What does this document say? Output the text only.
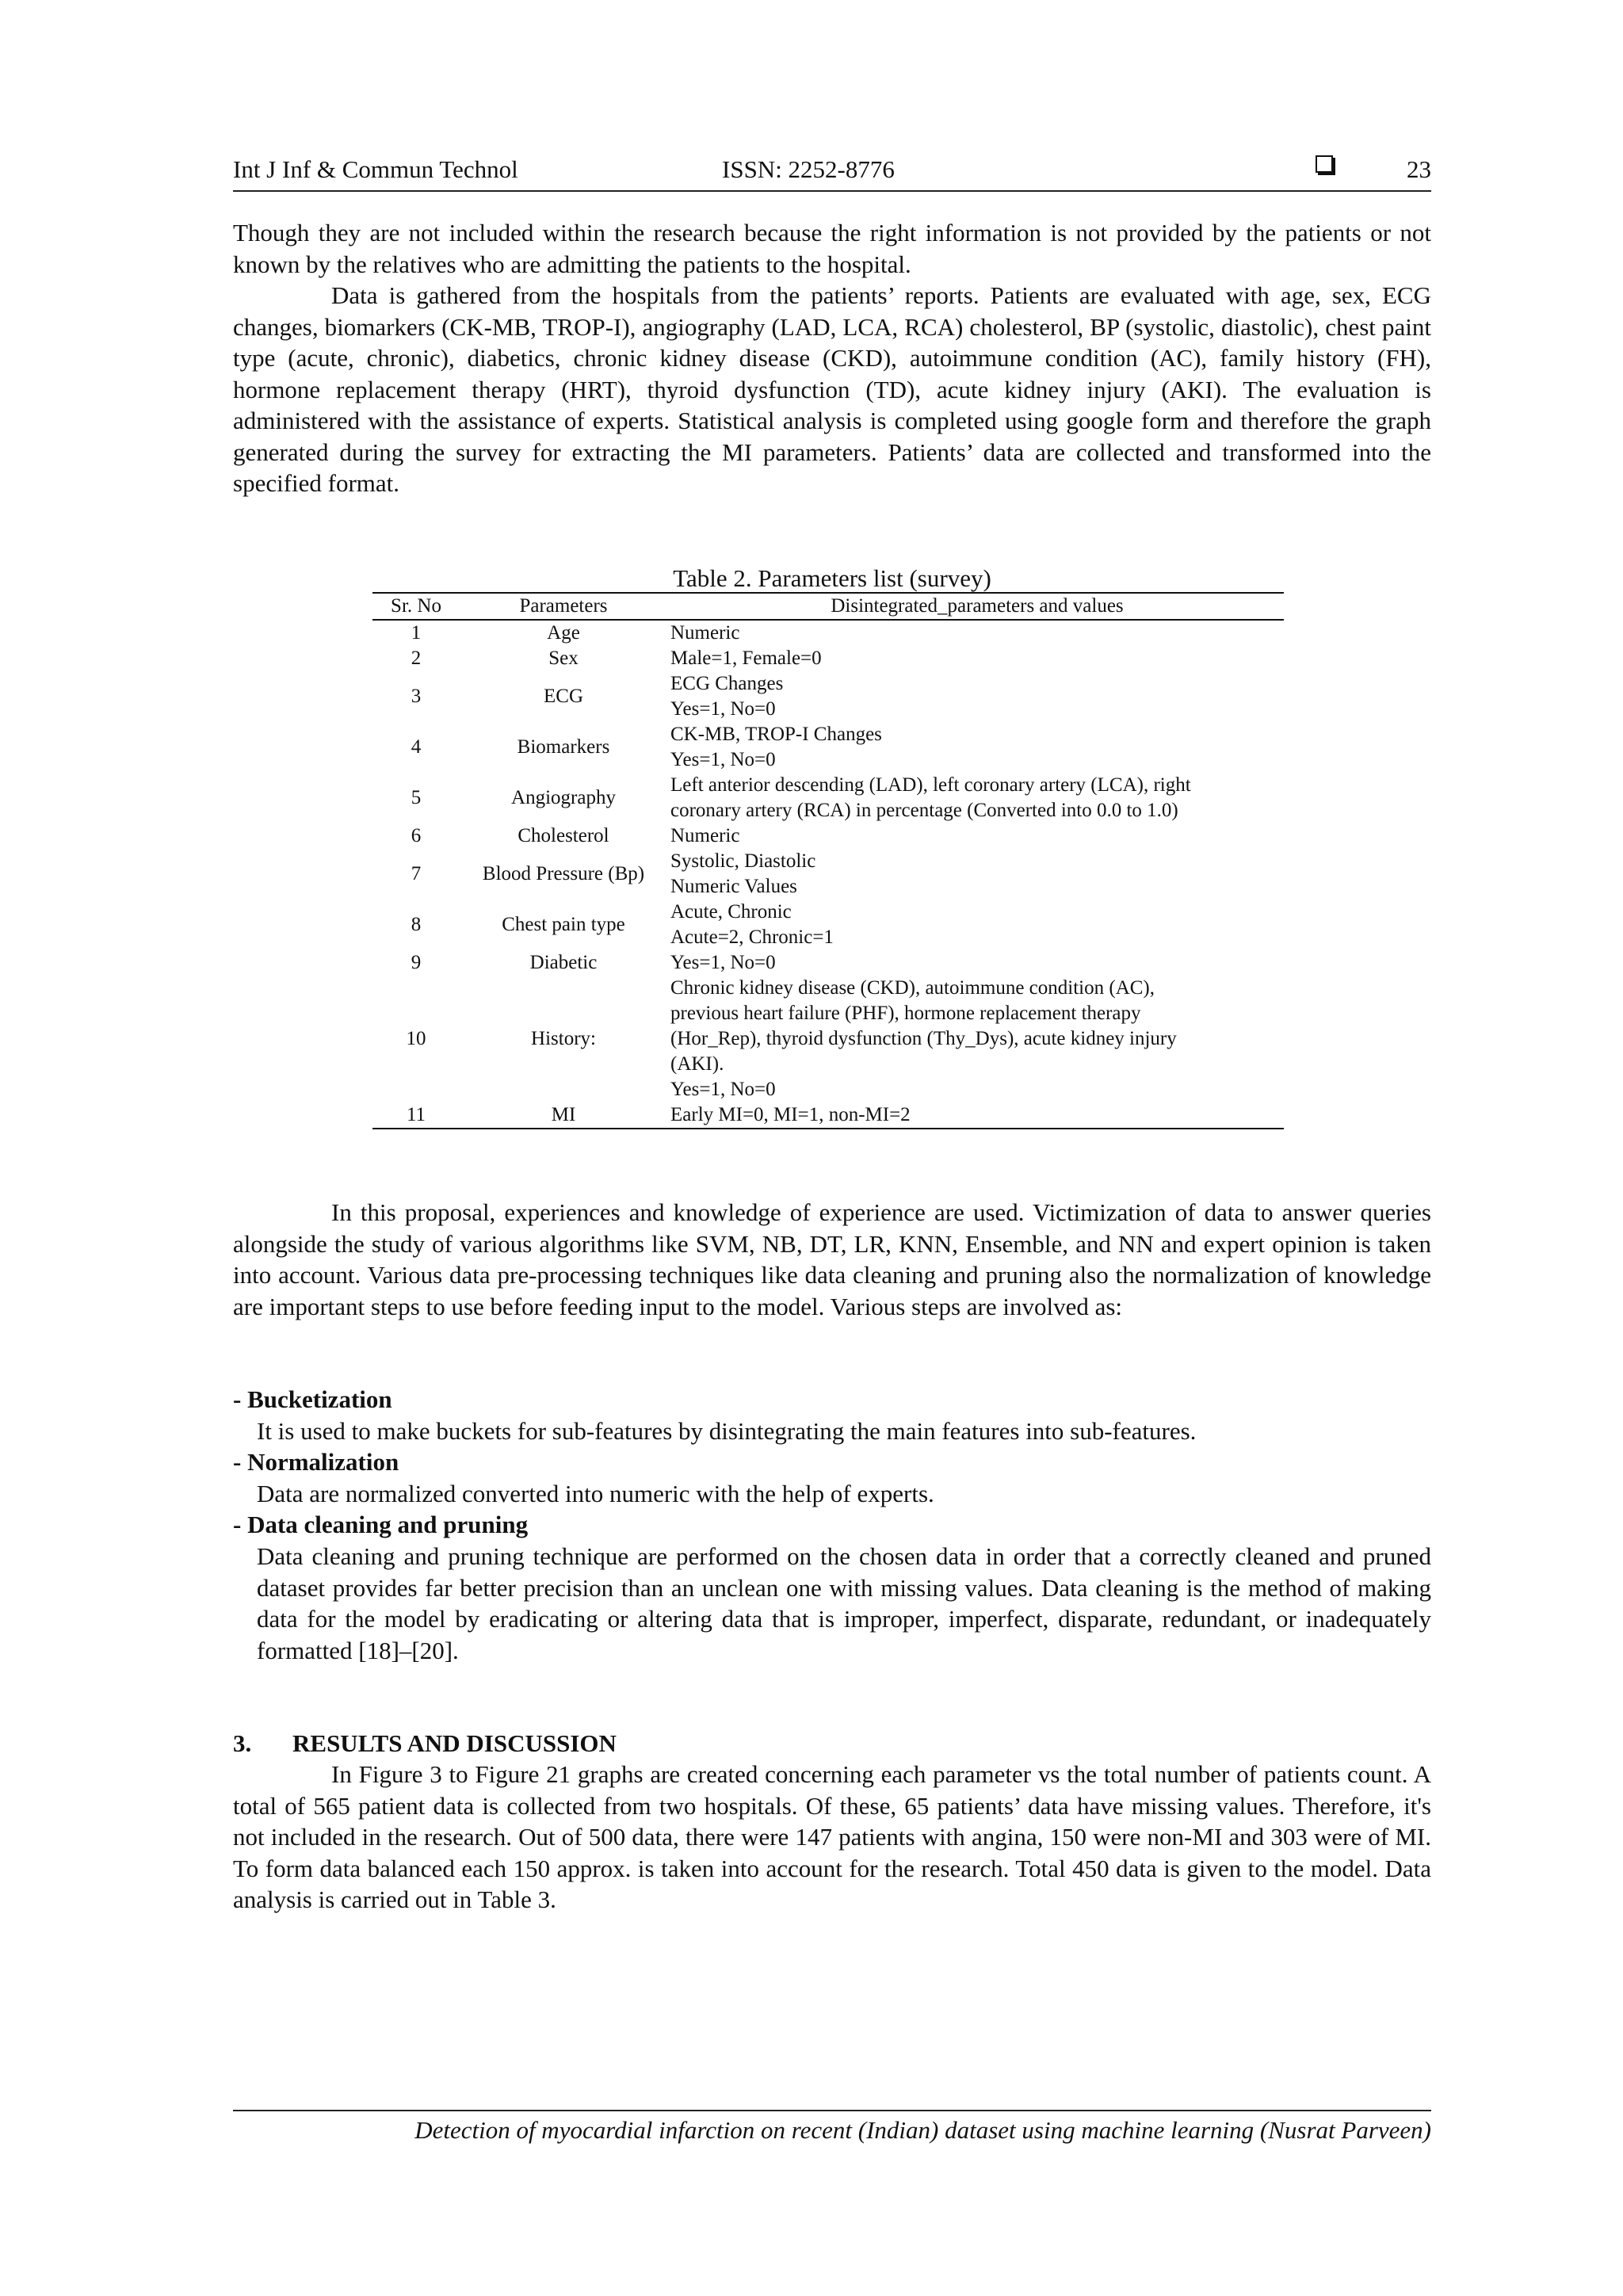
Int J Inf & Commun Technol	ISSN: 2252-8776	23

Though they are not included within the research because the right information is not provided by the patients or not known by the relatives who are admitting the patients to the hospital.

Data is gathered from the hospitals from the patients’ reports. Patients are evaluated with age, sex, ECG changes, biomarkers (CK-MB, TROP-I), angiography (LAD, LCA, RCA) cholesterol, BP (systolic, diastolic), chest paint type (acute, chronic), diabetics, chronic kidney disease (CKD), autoimmune condition (AC), family history (FH), hormone replacement therapy (HRT), thyroid dysfunction (TD), acute kidney injury (AKI). The evaluation is administered with the assistance of experts. Statistical analysis is completed using google form and therefore the graph generated during the survey for extracting the MI parameters. Patients’ data are collected and transformed into the specified format.

Table 2. Parameters list (survey)
Sr. No	Parameters	Disintegrated_parameters and values
1	Age	Numeric

2	Sex	Male=1, Female=0

3	ECG	ECG Changes
Yes=1, No=0

4	Biomarkers	CK-MB, TROP-I Changes
Yes=1, No=0

5	Angiography	Left anterior descending (LAD), left coronary artery (LCA), right
coronary artery (RCA) in percentage (Converted into 0.0 to 1.0)

6	Cholesterol	Numeric

7	Blood Pressure (Bp)	Systolic, Diastolic
Numeric Values

8	Chest pain type	Acute, Chronic
Acute=2, Chronic=1

9	Diabetic	Yes=1, No=0

10	History:	Chronic kidney disease (CKD), autoimmune condition (AC),
previous heart failure (PHF), hormone replacement therapy
(Hor_Rep), thyroid dysfunction (Thy_Dys), acute kidney injury
(AKI).
Yes=1, No=0

11	MI	Early MI=0, MI=1, non-MI=2

In this proposal, experiences and knowledge of experience are used. Victimization of data to answer queries alongside the study of various algorithms like SVM, NB, DT, LR, KNN, Ensemble, and NN and expert opinion is taken into account. Various data pre-processing techniques like data cleaning and pruning also the normalization of knowledge are important steps to use before feeding input to the model. Various steps are involved as:

- Bucketization

It is used to make buckets for sub-features by disintegrating the main features into sub-features.

- Normalization

Data are normalized converted into numeric with the help of experts.

- Data cleaning and pruning

Data cleaning and pruning technique are performed on the chosen data in order that a correctly cleaned and pruned dataset provides far better precision than an unclean one with missing values. Data cleaning is the method of making data for the model by eradicating or altering data that is improper, imperfect, disparate, redundant, or inadequately formatted [18]–[20].

3. RESULTS AND DISCUSSION

In Figure 3 to Figure 21 graphs are created concerning each parameter vs the total number of patients count. A total of 565 patient data is collected from two hospitals. Of these, 65 patients’ data have missing values. Therefore, it's not included in the research. Out of 500 data, there were 147 patients with angina, 150 were non-MI and 303 were of MI. To form data balanced each 150 approx. is taken into account for the research. Total 450 data is given to the model. Data analysis is carried out in Table 3.

Detection of myocardial infarction on recent (Indian) dataset using machine learning (Nusrat Parveen)
